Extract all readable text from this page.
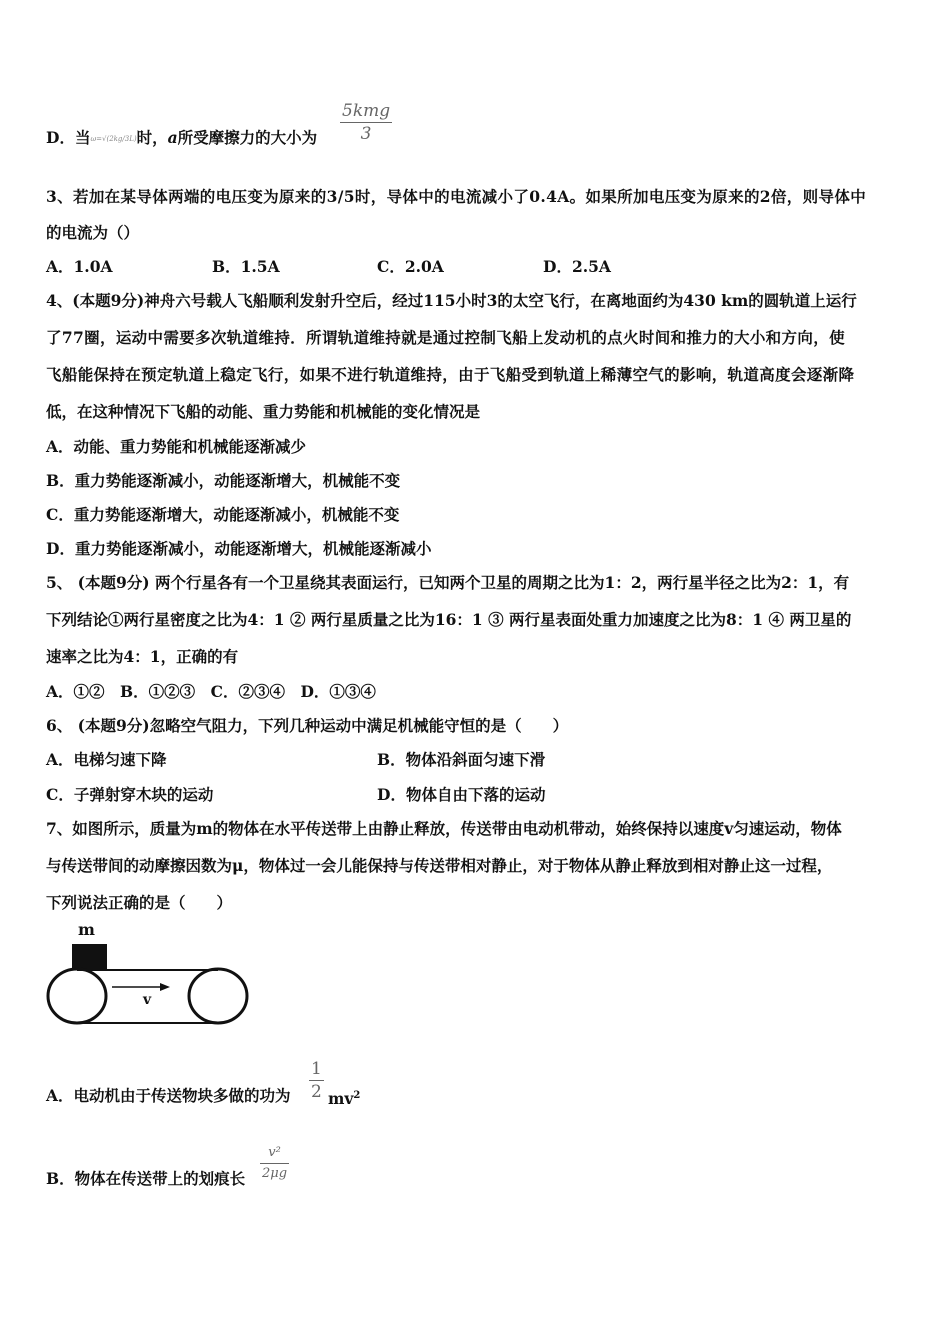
D．当ω=√(2kg/3L)时，a所受摩擦力的大小为
5kmg
3
3、若加在某导体两端的电压变为原来的3/5时，导体中的电流减小了0.4A。如果所加电压变为原来的2倍，则导体中
的电流为（）
A．1.0A	B．1.5A	C．2.0A	D．2.5A
4、(本题9分)神舟六号载人飞船顺利发射升空后，经过115小时3的太空飞行，在离地面约为430 km的圆轨道上运行
了77圈，运动中需要多次轨道维持．所谓轨道维持就是通过控制飞船上发动机的点火时间和推力的大小和方向，使
飞船能保持在预定轨道上稳定飞行，如果不进行轨道维持，由于飞船受到轨道上稀薄空气的影响，轨道高度会逐渐降
低，在这种情况下飞船的动能、重力势能和机械能的变化情况是
A．动能、重力势能和机械能逐渐减少
B．重力势能逐渐减小，动能逐渐增大，机械能不变
C．重力势能逐渐增大，动能逐渐减小，机械能不变
D．重力势能逐渐减小，动能逐渐增大，机械能逐渐减小
5、 (本题9分) 两个行星各有一个卫星绕其表面运行，已知两个卫星的周期之比为1：2，两行星半径之比为2：1，有
下列结论①两行星密度之比为4：1 ② 两行星质量之比为16：1 ③ 两行星表面处重力加速度之比为8：1 ④ 两卫星的
速率之比为4：1，正确的有
A．①②　B．①②③　C．②③④　D．①③④
6、 (本题9分)忽略空气阻力，下列几种运动中满足机械能守恒的是（　　）
A．电梯匀速下降	B．物体沿斜面匀速下滑
C．子弹射穿木块的运动	D．物体自由下落的运动
7、如图所示，质量为m的物体在水平传送带上由静止释放，传送带由电动机带动，始终保持以速度v匀速运动，物体
与传送带间的动摩擦因数为μ，物体过一会儿能保持与传送带相对静止，对于物体从静止释放到相对静止这一过程，
下列说法正确的是（　　）
m
v
A．电动机由于传送物块多做的功为 $\frac{1}{2} mv^2$
B．物体在传送带上的划痕长 $\frac{\text{v²}}{2\mu g}$
